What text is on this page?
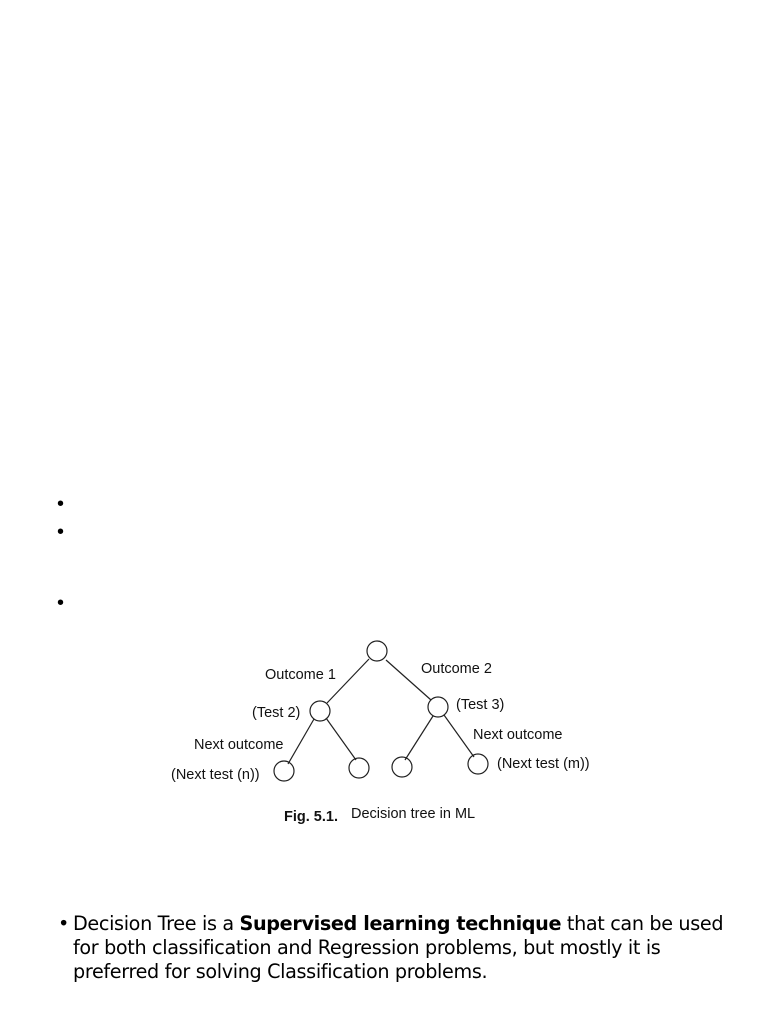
•
•
•
Outcome 1	Outcome 2
(Test 2)	(Test 3)
Next outcome
Next outcome
(Next test (n))
(Next test (m))
Fig. 5.1. Decision tree in ML
• Decision Tree is a Supervised learning technique that can be used for both classification and Regression problems, but mostly it is preferred for solving Classification problems.
